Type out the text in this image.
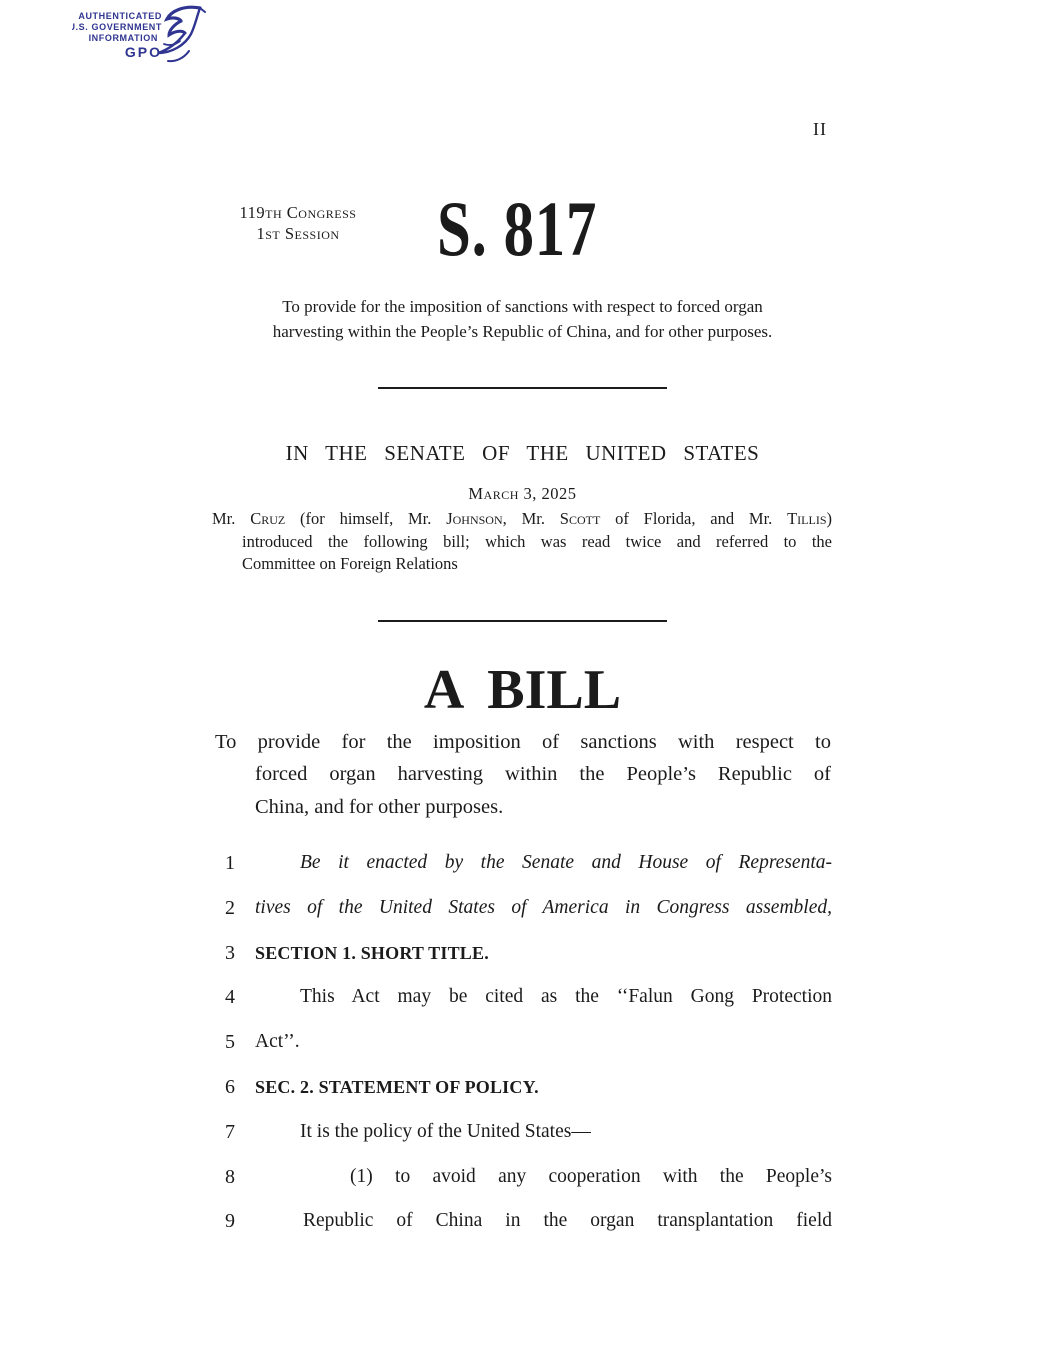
AUTHENTICATED
U.S. GOVERNMENT
INFORMATION
GPO
II
119th Congress
1st Session	S. 817
To provide for the imposition of sanctions with respect to forced organ
harvesting within the People’s Republic of China, and for other purposes.
IN THE SENATE OF THE UNITED STATES
March 3, 2025
Mr. Cruz (for himself, Mr. Johnson, Mr. Scott of Florida, and Mr. Tillis)
introduced the following bill; which was read twice and referred to the
Committee on Foreign Relations
A BILL
To provide for the imposition of sanctions with respect to
forced organ harvesting within the People’s Republic of
China, and for other purposes.
1	Be it enacted by the Senate and House of Representa-
2	tives of the United States of America in Congress assembled,
3	SECTION 1. SHORT TITLE.
4	This Act may be cited as the ‘‘Falun Gong Protection
5	Act’’.
6	SEC. 2. STATEMENT OF POLICY.
7	It is the policy of the United States—
8	(1) to avoid any cooperation with the People’s
9	Republic of China in the organ transplantation field
